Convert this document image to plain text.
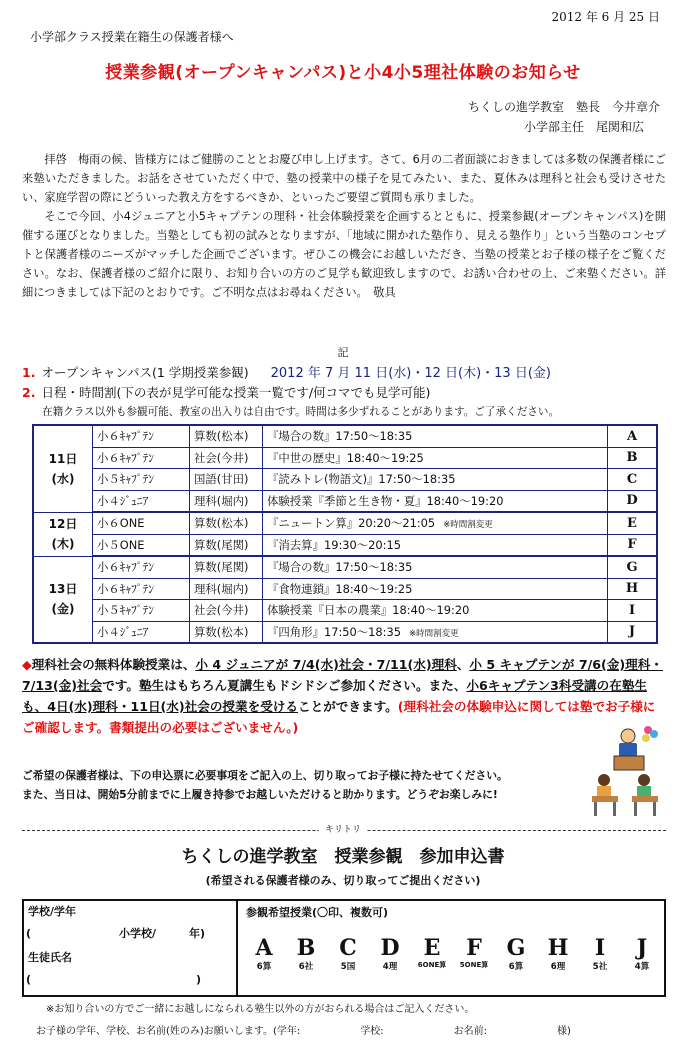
2012 年 6 月 25 日
小学部クラス授業在籍生の保護者様へ
授業参観(オープンキャンパス)と小4小5理社体験のお知らせ
ちくしの進学教室　塾長　今井章介
小学部主任　尾関和広

拝啓　梅雨の候、皆様方にはご健勝のこととお慶び申し上げます。さて、6月の二者面談におきましては多数の保護者様にご来塾いただきました。お話をさせていただく中で、塾の授業中の様子を見てみたい、また、夏休みは理科と社会も受けさせたい、家庭学習の際にどういった教え方をするべきか、といったご要望ご質問も承りました。

そこで今回、小4ジュニアと小5キャプテンの理科・社会体験授業を企画するとともに、授業参観(オープンキャンパス)を開催する運びとなりました。当塾としても初の試みとなりますが、「地域に開かれた塾作り、見える塾作り」という当塾のコンセプトと保護者様のニーズがマッチした企画でございます。ぜひこの機会にお越しいただき、当塾の授業とお子様の様子をご覧ください。なお、保護者様のご紹介に限り、お知り合いの方のご見学も歓迎致しますので、お誘い合わせの上、ご来塾ください。詳細につきましては下記のとおりです。ご不明な点はお尋ねください。　敬具

記
1. オープンキャンパス(1 学期授業参観) 2012 年 7 月 11 日(水)・12 日(木)・13 日(金)
2. 日程・時間割(下の表が見学可能な授業一覧です/何コマでも見学可能)
在籍クラス以外も参観可能、教室の出入りは自由です。時間は多少ずれることがあります。ご了承ください。
11日
(水)	小６ｷｬﾌﾟﾃﾝ	算数(松本)	『場合の数』17:50～18:35	A
	小６ｷｬﾌﾟﾃﾝ	社会(今井)	『中世の歴史』18:40～19:25	B
	小５ｷｬﾌﾟﾃﾝ	国語(甘田)	『読みトレ(物語文)』17:50～18:35	C
	小４ｼﾞｭﾆｱ	理科(堀内)	体験授業『季節と生き物・夏』18:40～19:20	D
12日
(木)	小６ONE	算数(松本)	『ニュートン算』20:20～21:05 ※時間割変更	E
	小５ONE	算数(尾関)	『消去算』19:30～20:15	F
13日
(金)	小６ｷｬﾌﾟﾃﾝ	算数(尾関)	『場合の数』17:50～18:35	G
	小６ｷｬﾌﾟﾃﾝ	理科(堀内)	『食物連鎖』18:40～19:25	H
	小５ｷｬﾌﾟﾃﾝ	社会(今井)	体験授業『日本の農業』18:40～19:20	I
	小４ｼﾞｭﾆｱ	算数(松本)	『四角形』17:50～18:35 ※時間割変更	J
◆理科社会の無料体験授業は、小 4 ジュニアが 7/4(水)社会・7/11(水)理科、小 5 キャプテンが 7/6(金)理科・7/13(金)社会です。塾生はもちろん夏講生もドシドシご参加ください。また、小6キャプテン3科受講の在塾生も、4日(水)理科・11日(水)社会の授業を受けることができます。(理科社会の体験申込に関しては塾でお子様にご確認します。書類提出の必要はございません。)
ご希望の保護者様は、下の申込票に必要事項をご記入の上、切り取ってお子様に持たせてください。
また、当日は、開始5分前までに上履き持参でお越しいただけると助かります。どうぞお楽しみに!
キリトリ
ちくしの進学教室　授業参観　参加申込書
(希望される保護者様のみ、切り取ってご提出ください)
学校/学年
(　　　　　　　　小学校/　　　年)
生徒氏名
(　　　　　　　　　　　　　　　)
参観希望授業(〇印、複数可)
A
6算
B
6社
C
5国
D
4理
E
6ONE算
F
5ONE算
G
6算
H
6理
I
5社
J
4算
※お知り合いの方でご一緒にお越しになられる塾生以外の方がおられる場合はご記入ください。
お子様の学年、学校、お名前(姓のみ)お願いします。(学年:　　　　　　学校:　　　　　　　お名前:　　　　　　　様)
